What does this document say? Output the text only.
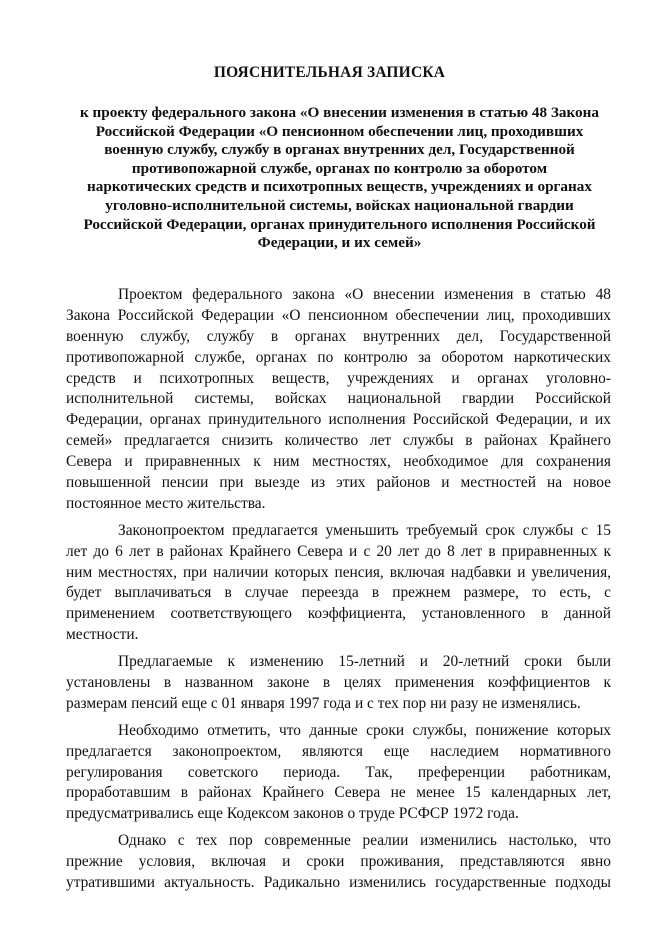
ПОЯСНИТЕЛЬНАЯ ЗАПИСКА
к проекту федерального закона «О внесении изменения в статью 48 Закона
Российской Федерации «О пенсионном обеспечении лиц, проходивших
военную службу, службу в органах внутренних дел, Государственной
противопожарной службе, органах по контролю за оборотом
наркотических средств и психотропных веществ, учреждениях и органах
уголовно-исполнительной системы, войсках национальной гвардии
Российской Федерации, органах принудительного исполнения Российской
Федерации, и их семей»

Проектом федерального закона «О внесении изменения в статью 48
Закона Российской Федерации «О пенсионном обеспечении лиц, проходивших
военную службу, службу в органах внутренних дел, Государственной
противопожарной службе, органах по контролю за оборотом наркотических
средств и психотропных веществ, учреждениях и органах уголовно-
исполнительной системы, войсках национальной гвардии Российской
Федерации, органах принудительного исполнения Российской Федерации, и их
семей» предлагается снизить количество лет службы в районах Крайнего
Севера и приравненных к ним местностях, необходимое для сохранения
повышенной пенсии при выезде из этих районов и местностей на новое
постоянное место жительства.

Законопроектом предлагается уменьшить требуемый срок службы с 15
лет до 6 лет в районах Крайнего Севера и с 20 лет до 8 лет в приравненных к
ним местностях, при наличии которых пенсия, включая надбавки и увеличения,
будет выплачиваться в случае переезда в прежнем размере, то есть, с
применением соответствующего коэффициента, установленного в данной
местности.

Предлагаемые к изменению 15-летний и 20-летний сроки были
установлены в названном законе в целях применения коэффициентов к
размерам пенсий еще с 01 января 1997 года и с тех пор ни разу не изменялись.

Необходимо отметить, что данные сроки службы, понижение которых
предлагается законопроектом, являются еще наследием нормативного
регулирования советского периода. Так, преференции работникам,
проработавшим в районах Крайнего Севера не менее 15 календарных лет,
предусматривались еще Кодексом законов о труде РСФСР 1972 года.

Однако с тех пор современные реалии изменились настолько, что
прежние условия, включая и сроки проживания, представляются явно
утратившими актуальность. Радикально изменились государственные подходы
